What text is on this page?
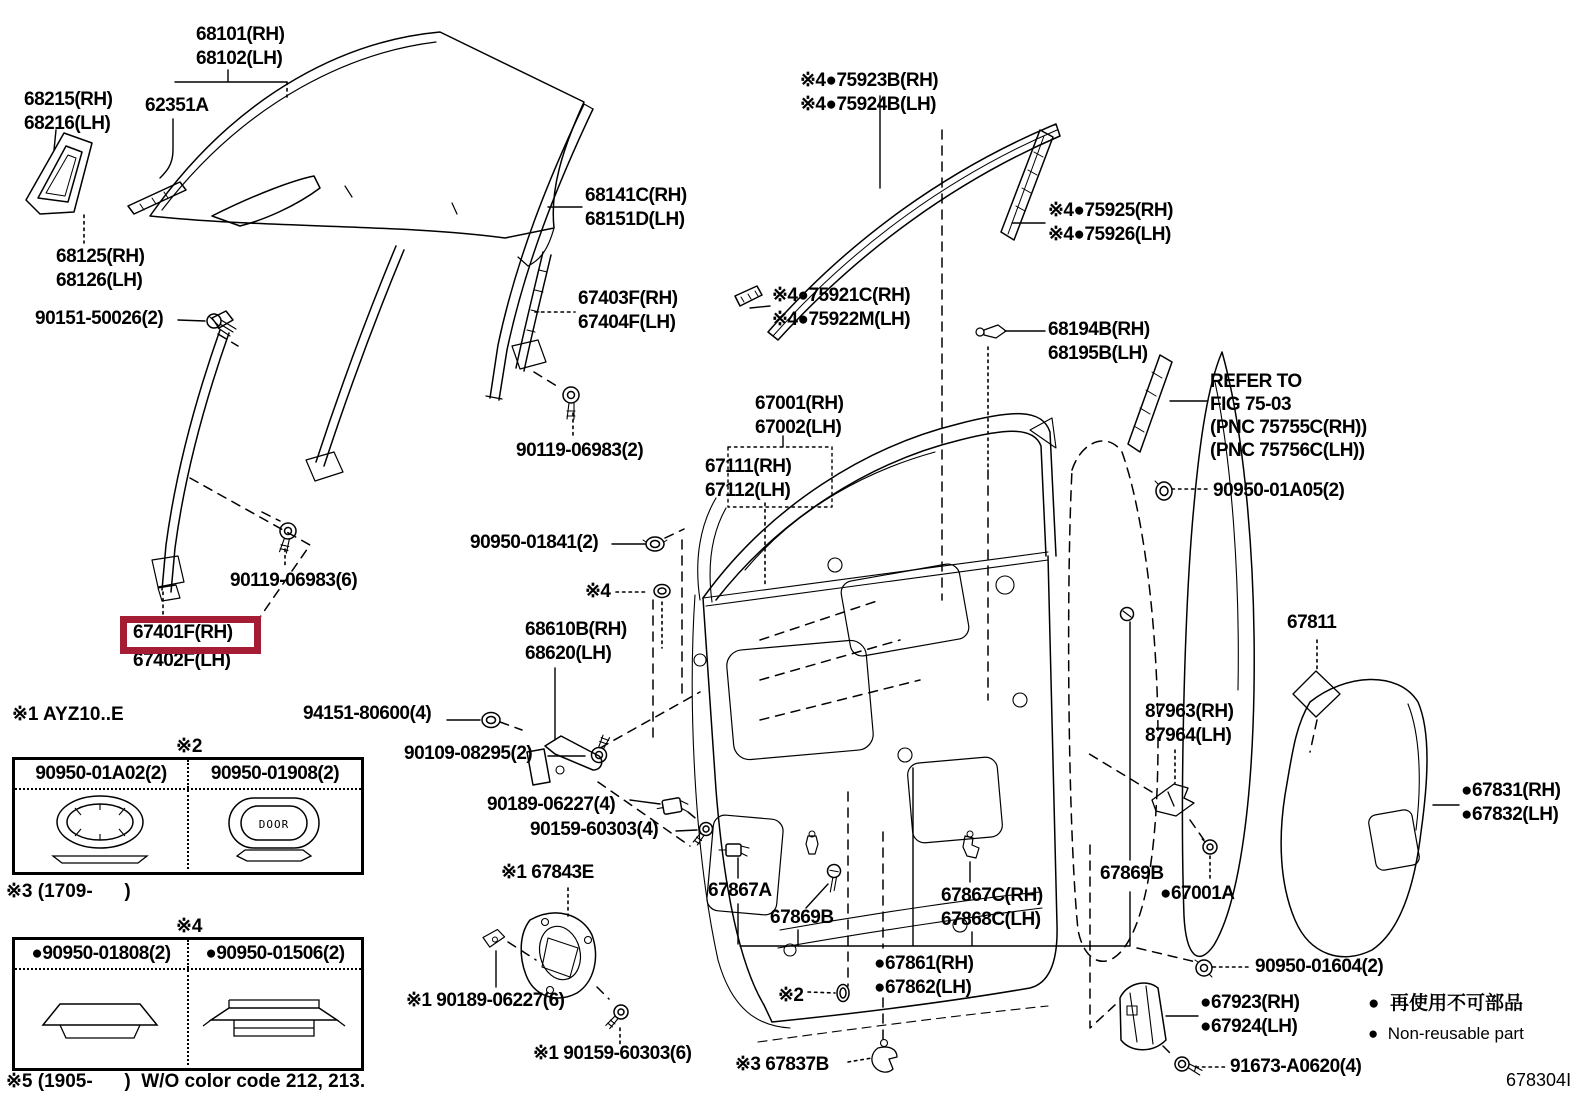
68101(RH)
68102(LH)
68215(RH)
68216(LH)
62351A
68125(RH)
68126(LH)
90151-50026(2)
68141C(RH)
68151D(LH)
67403F(RH)
67404F(LH)
90119-06983(2)
90119-06983(6)
67401F(RH)
67402F(LH)
※4●75923B(RH)
※4●75924B(LH)
※4●75925(RH)
※4●75926(LH)
※4●75921C(RH)
※4●75922M(LH)	68194B(RH)
68195B(LH)
REFER TO
FIG 75-03
(PNC 75755C(RH))
(PNC 75756C(LH))
67001(RH)
67002(LH)
67111(RH)
67112(LH)	90950-01A05(2)
90950-01841(2)
※4
68610B(RH)
68620(LH)
67811
94151-80600(4)
90109-08295(2)
87963(RH)
87964(LH)
90189-06227(4)
90159-60303(4)
●67831(RH)
●67832(LH)
※1 67843E
67867A
67869B
67869B
●67001A
67867C(RH)
67868C(LH)
●67861(RH)
●67862(LH)
※2
90950-01604(2)
●67923(RH)
●67924(LH)
91673-A0620(4)
※1 90189-06227(6)
※1 90159-60303(6)
※3 67837B
※1 AYZ10..E
※2
90950-01A02(2)	90950-01908(2)
DOOR
※3 (1709-      )
※4
●90950-01808(2)	●90950-01506(2)
※5 (1905-      )  W/O color code 212, 213.
●  再使用不可部品
●  Non-reusable part
678304I
